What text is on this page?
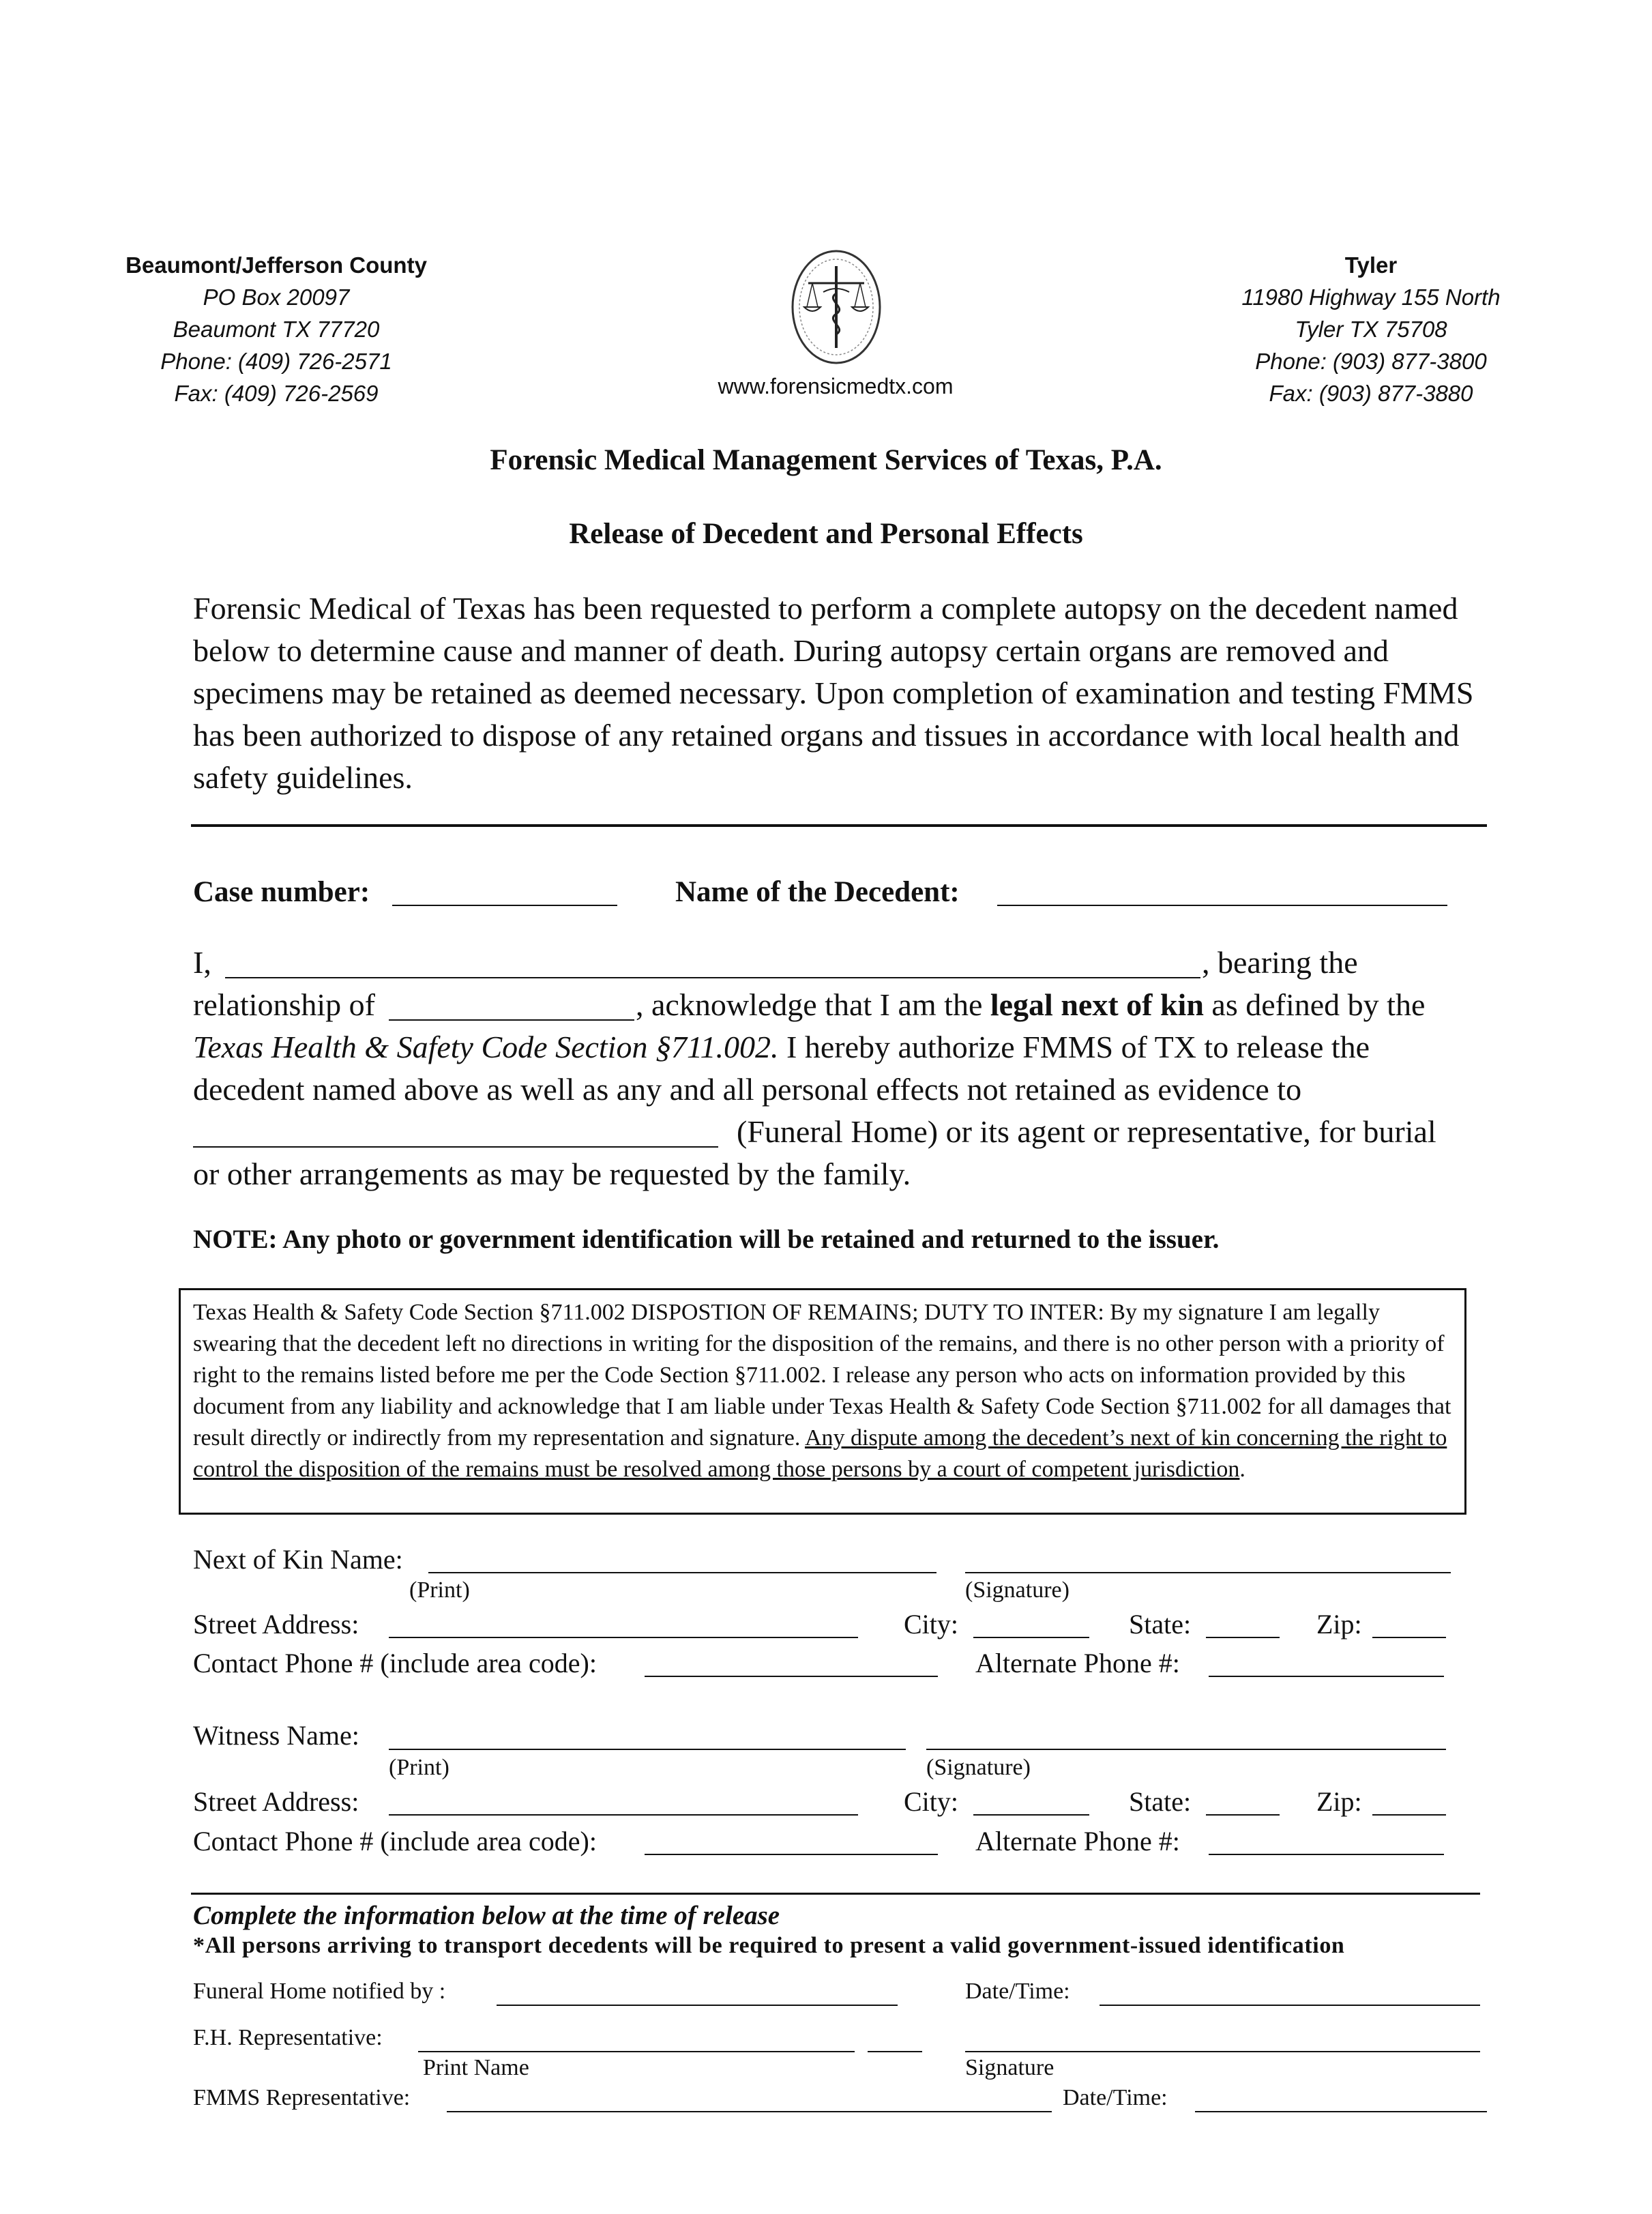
Beaumont/Jefferson County
PO Box 20097
Beaumont TX 77720
Phone: (409) 726-2571
Fax: (409) 726-2569
Tyler
11980 Highway 155 North
Tyler TX 75708
Phone: (903) 877-3800
Fax: (903) 877-3880
www.forensicmedtx.com
Forensic Medical Management Services of Texas, P.A.
Release of Decedent and Personal Effects
Forensic Medical of Texas has been requested to perform a complete autopsy on the decedent named below to determine cause and manner of death. During autopsy certain organs are removed and specimens may be retained as deemed necessary. Upon completion of examination and testing FMMS has been authorized to dispose of any retained organs and tissues in accordance with local health and safety guidelines.
Case number:	Name of the Decedent:
I,	, bearing the
relationship of	, acknowledge that I am the legal next of kin as defined by the
Texas Health & Safety Code Section §711.002. I hereby authorize FMMS of TX to release the
decedent named above as well as any and all personal effects not retained as evidence to
(Funeral Home) or its agent or representative, for burial
or other arrangements as may be requested by the family.
NOTE: Any photo or government identification will be retained and returned to the issuer.
Texas Health & Safety Code Section §711.002 DISPOSTION OF REMAINS; DUTY TO INTER: By my signature I am legally swearing that the decedent left no directions in writing for the disposition of the remains, and there is no other person with a priority of right to the remains listed before me per the Code Section §711.002. I release any person who acts on information provided by this document from any liability and acknowledge that I am liable under Texas Health & Safety Code Section §711.002 for all damages that result directly or indirectly from my representation and signature. Any dispute among the decedent’s next of kin concerning the right to control the disposition of the remains must be resolved among those persons by a court of competent jurisdiction.
Next of Kin Name:
(Print)	(Signature)
Street Address:	City:	State:	Zip:
Contact Phone # (include area code):	Alternate Phone #:
Witness Name:
(Print)	(Signature)
Street Address:	City:	State:	Zip:
Contact Phone # (include area code):	Alternate Phone #:
Complete the information below at the time of release
*All persons arriving to transport decedents will be required to present a valid government-issued identification
Funeral Home notified by :	Date/Time:
F.H. Representative:
Print Name	Signature
FMMS Representative:	Date/Time:
